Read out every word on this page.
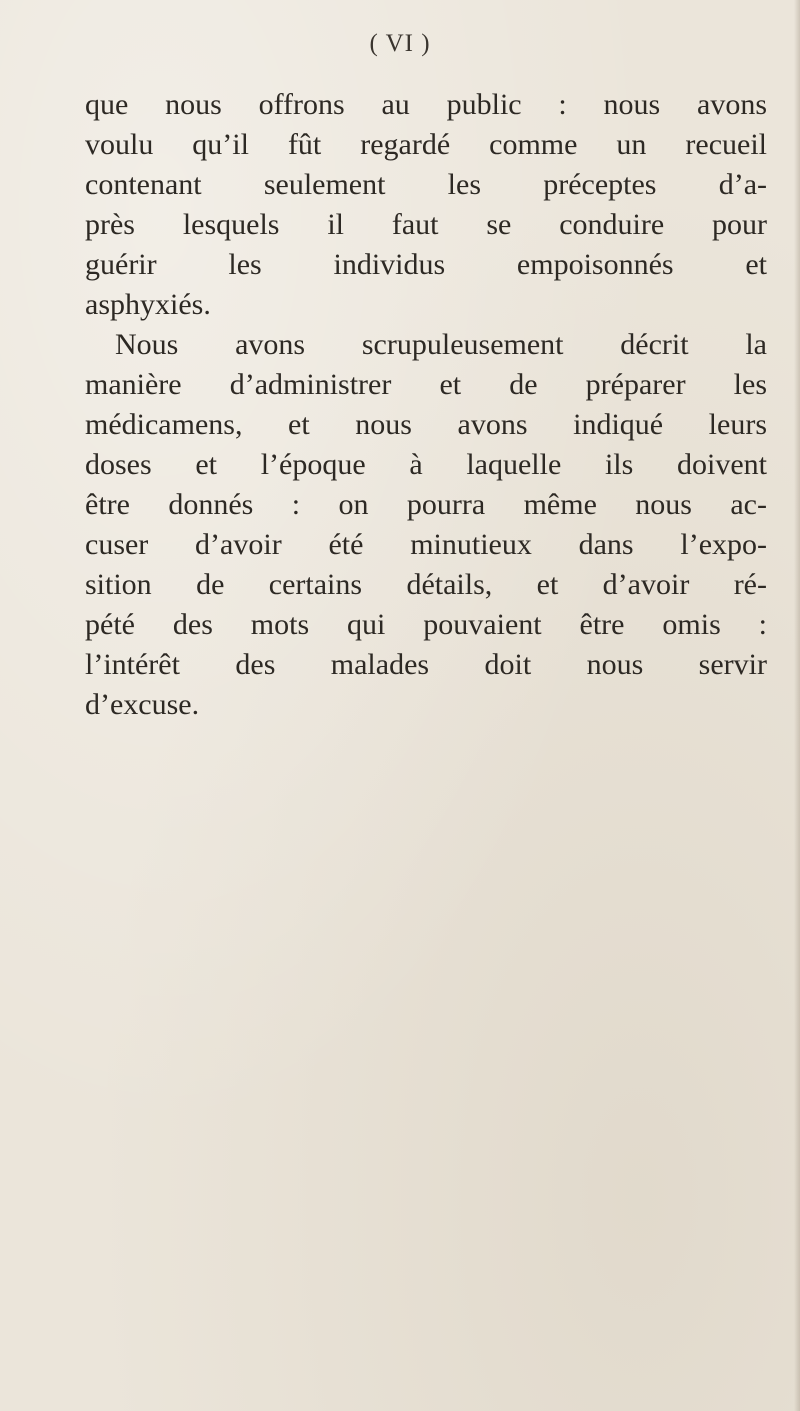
( VI )

que nous offrons au public : nous avons
voulu qu’il fût regardé comme un recueil
contenant seulement les préceptes d’a-
près lesquels il faut se conduire pour
guérir les individus empoisonnés et
asphyxiés.

Nous avons scrupuleusement décrit la
manière d’administrer et de préparer les
médicamens, et nous avons indiqué leurs
doses et l’époque à laquelle ils doivent
être donnés : on pourra même nous ac-
cuser d’avoir été minutieux dans l’expo-
sition de certains détails, et d’avoir ré-
pété des mots qui pouvaient être omis :
l’intérêt des malades doit nous servir
d’excuse.
